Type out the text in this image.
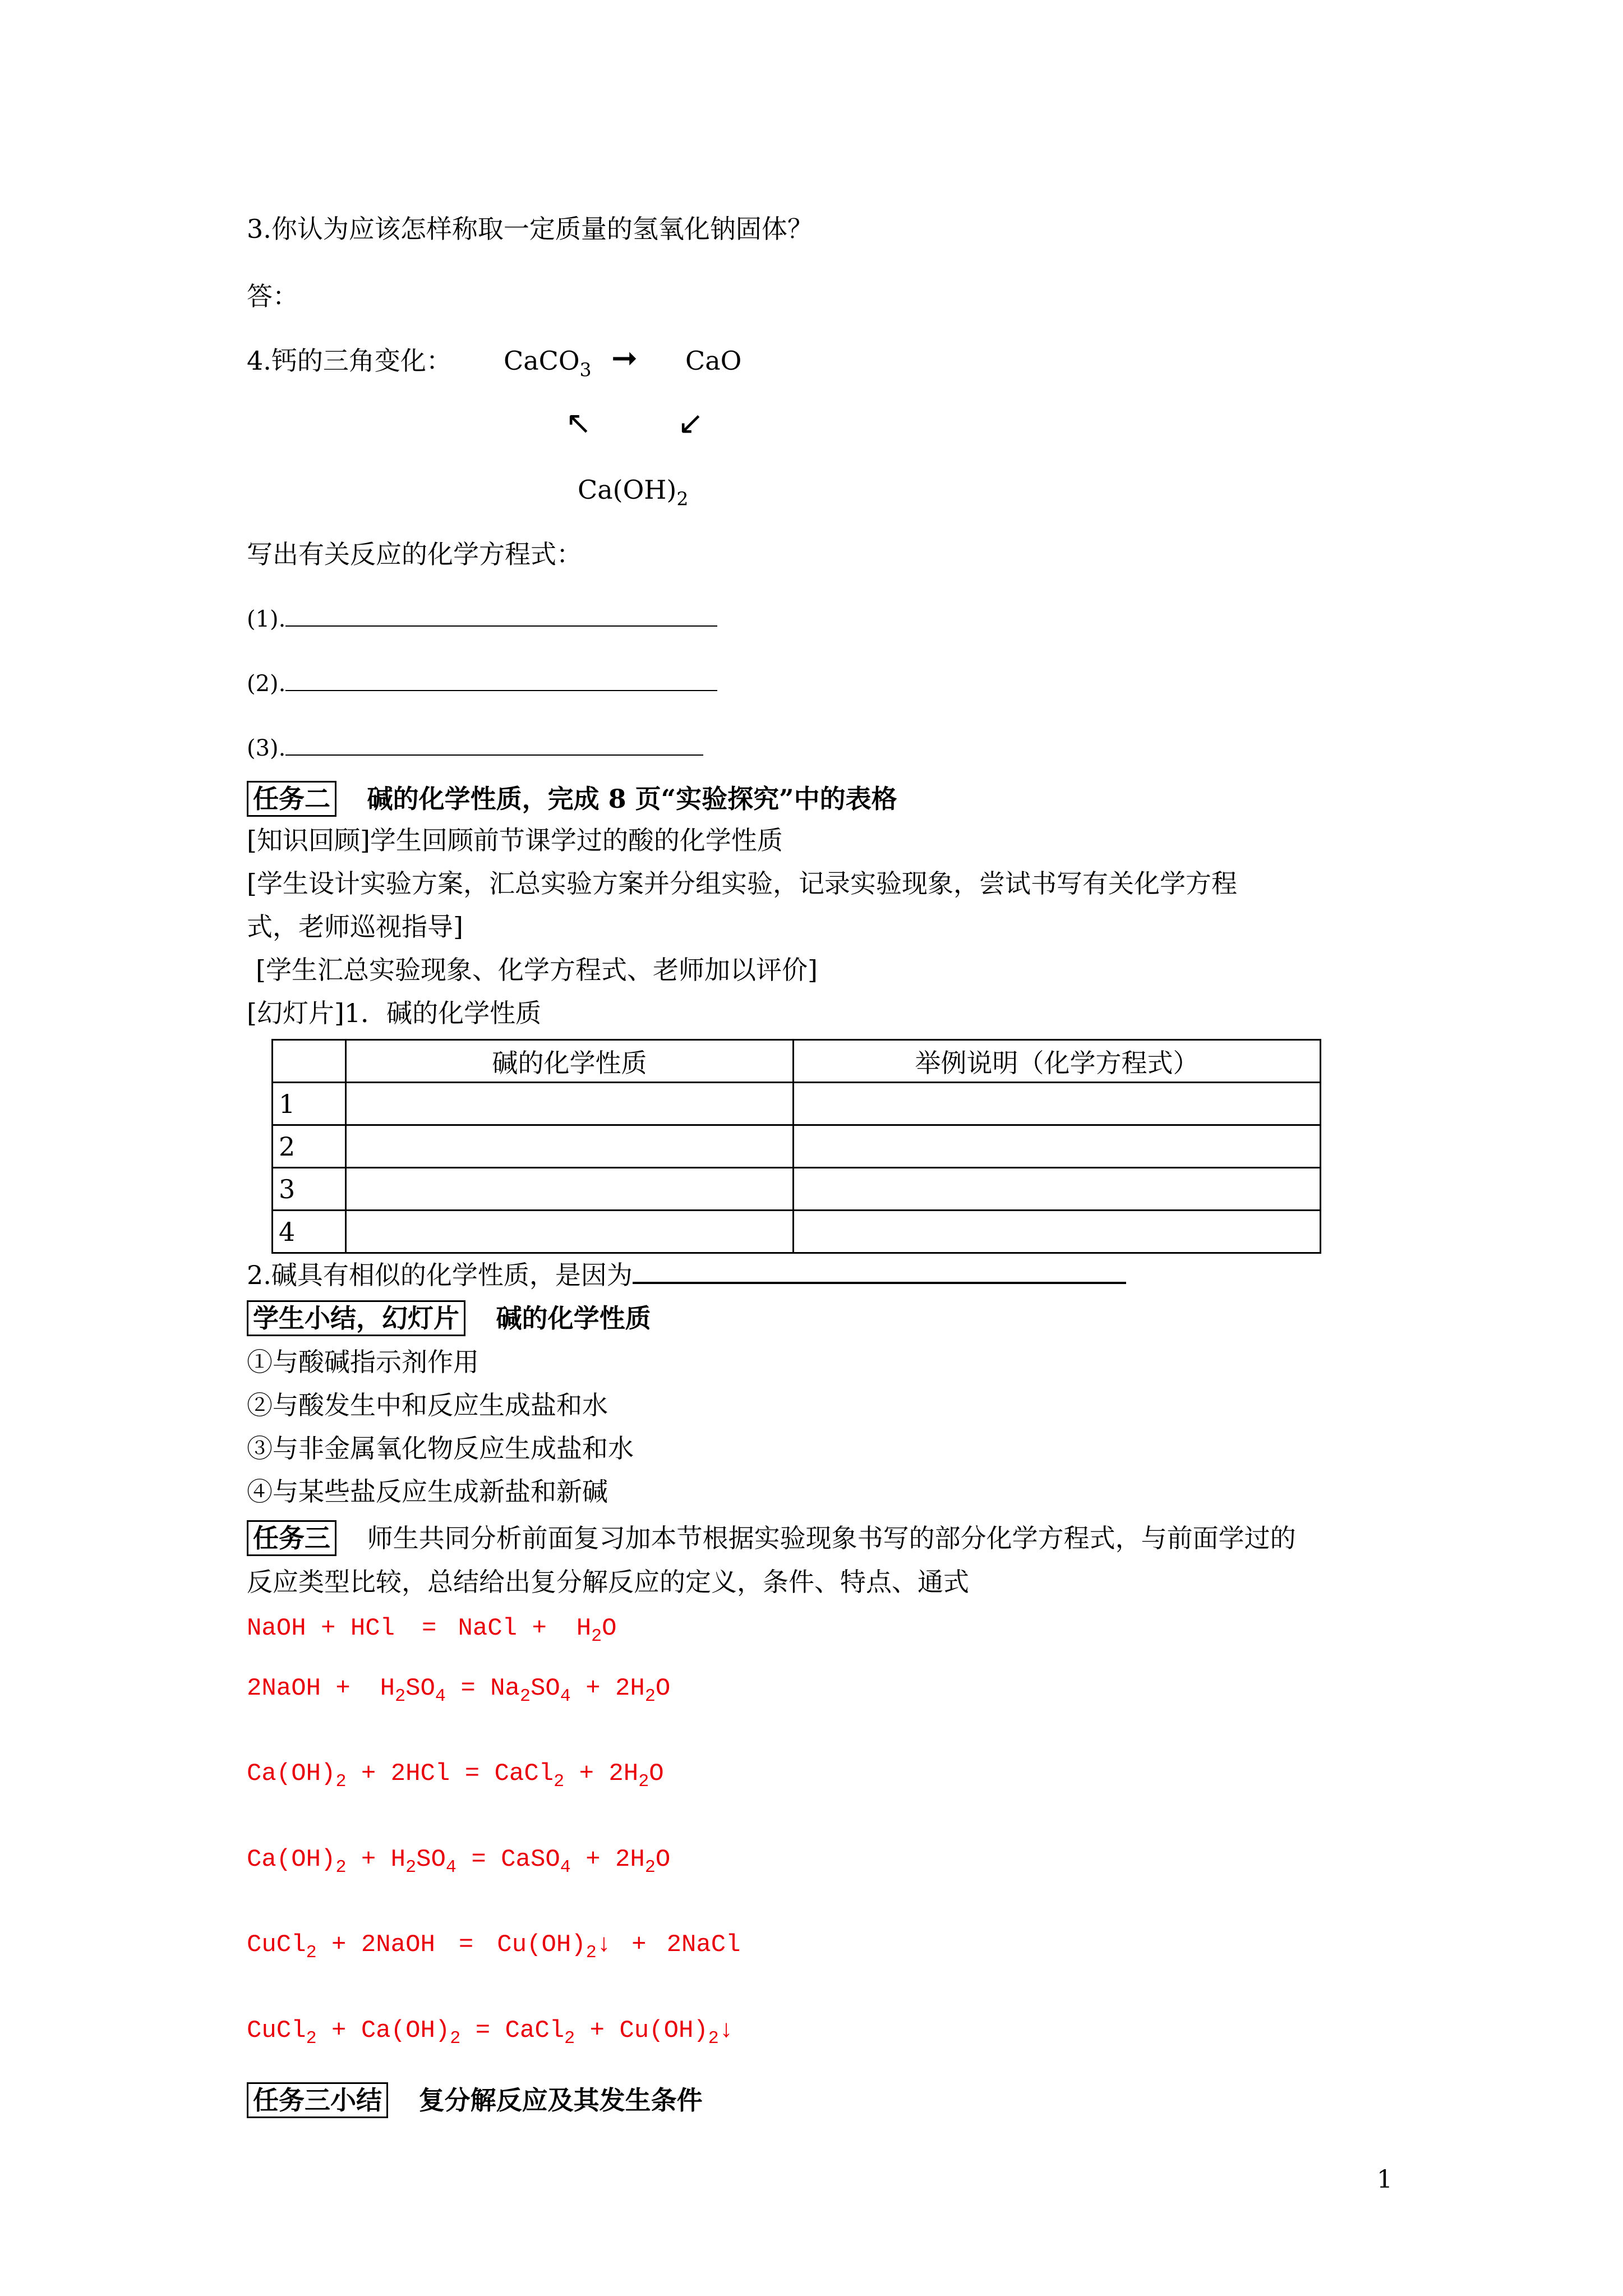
3.你认为应该怎样称取一定质量的氢氧化钠固体？
答：
4.钙的三角变化： CaCO$_3$ ➞ CaO
↖	↙
$Ca(OH)_2$
写出有关反应的化学方程式：
(1).
(2).
(3).
任务二 碱的化学性质，完成 8 页“实验探究”中的表格
[知识回顾]学生回顾前节课学过的酸的化学性质
[学生设计实验方案，汇总实验方案并分组实验，记录实验现象，尝试书写有关化学方程
式，老师巡视指导]
[学生汇总实验现象、化学方程式、老师加以评价]
[幻灯片]1．碱的化学性质
	碱的化学性质	举例说明（化学方程式）
1		
2		
3		
4		
2.碱具有相似的化学性质，是因为
学生小结，幻灯片 碱的化学性质
①与酸碱指示剂作用
②与酸发生中和反应生成盐和水
③与非金属氧化物反应生成盐和水
④与某些盐反应生成新盐和新碱
任务三 师生共同分析前面复习加本节根据实验现象书写的部分化学方程式，与前面学过的
反应类型比较，总结给出复分解反应的定义，条件、特点、通式
NaOH + HCl = NaCl + $H_2O$
2NaOH + $H_2SO_4 = Na_2SO_4 + 2H_2O$
$Ca(OH)_2 + 2HCl$ = CaCl$_2$ + $2H_2O$
$Ca(OH)_2 + H_2SO_4$ = CaSO$_4$ + $2H_2O$
CuCl$_2$ + 2NaOH = $Cu(OH)_2↓$ + 2NaCl
CuCl$_2$ + $Ca(OH)_2$ = CaCl$_2$ + $Cu(OH)_2↓$
任务三小结 复分解反应及其发生条件
1
